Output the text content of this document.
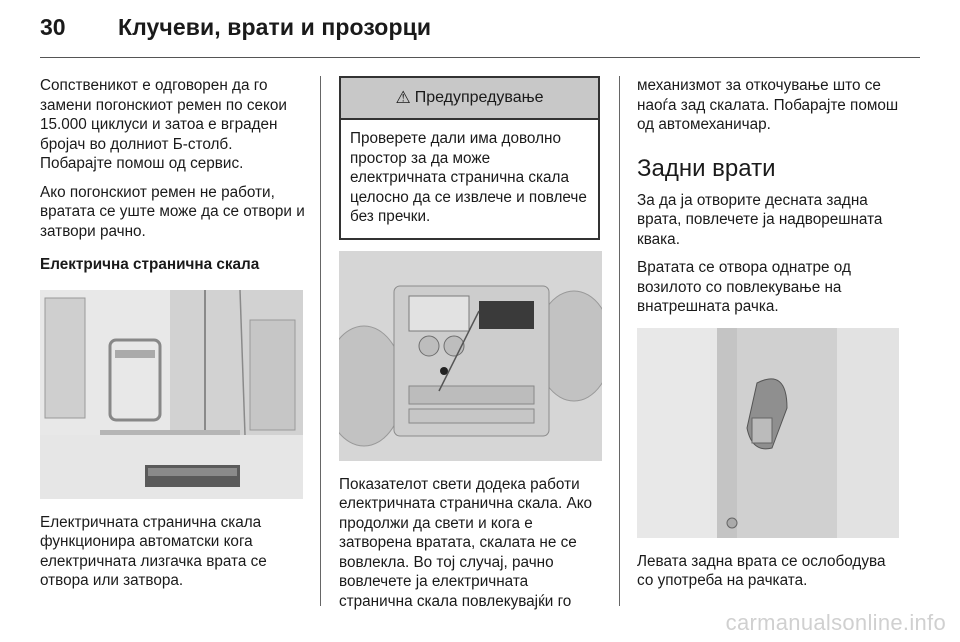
30 Клучеви, врати и прозорци

Сопственикот е одговорен да го замени погонскиот ремен по секои 15.000 циклуси и затоа е вграден бројач во долниот Б-столб. Побарајте помош од сервис.

Ако погонскиот ремен не работи, вратата се уште може да се отвори и затвори рачно.

Електрична странична скала

Електричната странична скала функционира автоматски кога електричната лизгачка врата се отвора или затвора.

⚠ Предупредување
Проверете дали има доволно простор за да може електричната странична скала целосно да се извлече и повлече без пречки.

Показателот свети додека работи електричната странична скала. Ако продолжи да свети и кога е затворена вратата, скалата не се вовлекла. Во тој случај, рачно вовлечете ја електричната странична скала повлекувајќи го

механизмот за откочување што се наоѓа зад скалата. Побарајте помош од автомеханичар.

Задни врати

За да ја отворите десната задна врата, повлечете ја надворешната квака.

Вратата се отвора однатре од возилото со повлекување на внатрешната рачка.

Левата задна врата се ослободува со употреба на рачката.

carmanualsonline.info
